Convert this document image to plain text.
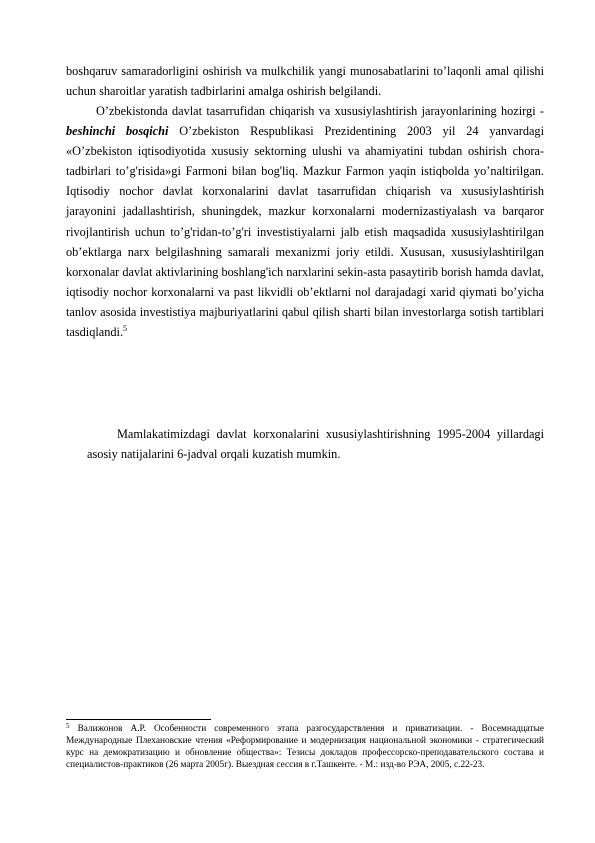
boshqaruv samaradorligini oshirish va mulkchilik yangi munosabatlarini to’laqonli amal qilishi uchun sharoitlar yaratish tadbirlarini amalga oshirish belgilandi.
O’zbekistonda davlat tasarrufidan chiqarish va xususiylashtirish jarayonlarining hozirgi - beshinchi bosqichi O’zbekiston Respublikasi Prezidentining 2003 yil 24 yanvardagi «O’zbekiston iqtisodiyotida xususiy sektorning ulushi va ahamiyatini tubdan oshirish chora-tadbirlari to’g'risida»gi Farmoni bilan bog'liq. Mazkur Farmon yaqin istiqbolda yo’naltirilgan. Iqtisodiy nochor davlat korxonalarini davlat tasarrufidan chiqarish va xususiylashtirish jarayonini jadallashtirish, shuningdek, mazkur korxonalarni modernizastiyalash va barqaror rivojlantirish uchun to’g'ridan-to’g'ri investistiyalarni jalb etish maqsadida xususiylashtirilgan ob’ektlarga narx belgilashning samarali mexanizmi joriy etildi. Xususan, xususiylashtirilgan korxonalar davlat aktivlarining boshlang'ich narxlarini sekin-asta pasaytirib borish hamda davlat, iqtisodiy nochor korxonalarni va past likvidli ob’ektlarni nol darajadagi xarid qiymati bo’yicha tanlov asosida investistiya majburiyatlarini qabul qilish sharti bilan investorlarga sotish tartiblari tasdiqlandi.$^5$
Mamlakatimizdagi davlat korxonalarini xususiylashtirishning 1995-2004 yillardagi asosiy natijalarini 6-jadval orqali kuzatish mumkin.
$^5$ Валижонов А.Р. Особенности современного этапа разгосударствления и приватизации. - Восемнадцатые Международные Плехановские чтения «Реформирование и модернизация национальной экономики - стратегический курс на демократизацию и обновление общества»: Тезисы докладов профессорско-преподавательского состава и специалистов-практиков (26 марта 2005г). Выездная сессия в г.Ташкенте. - М.: изд-во РЭА, 2005, с.22-23.
